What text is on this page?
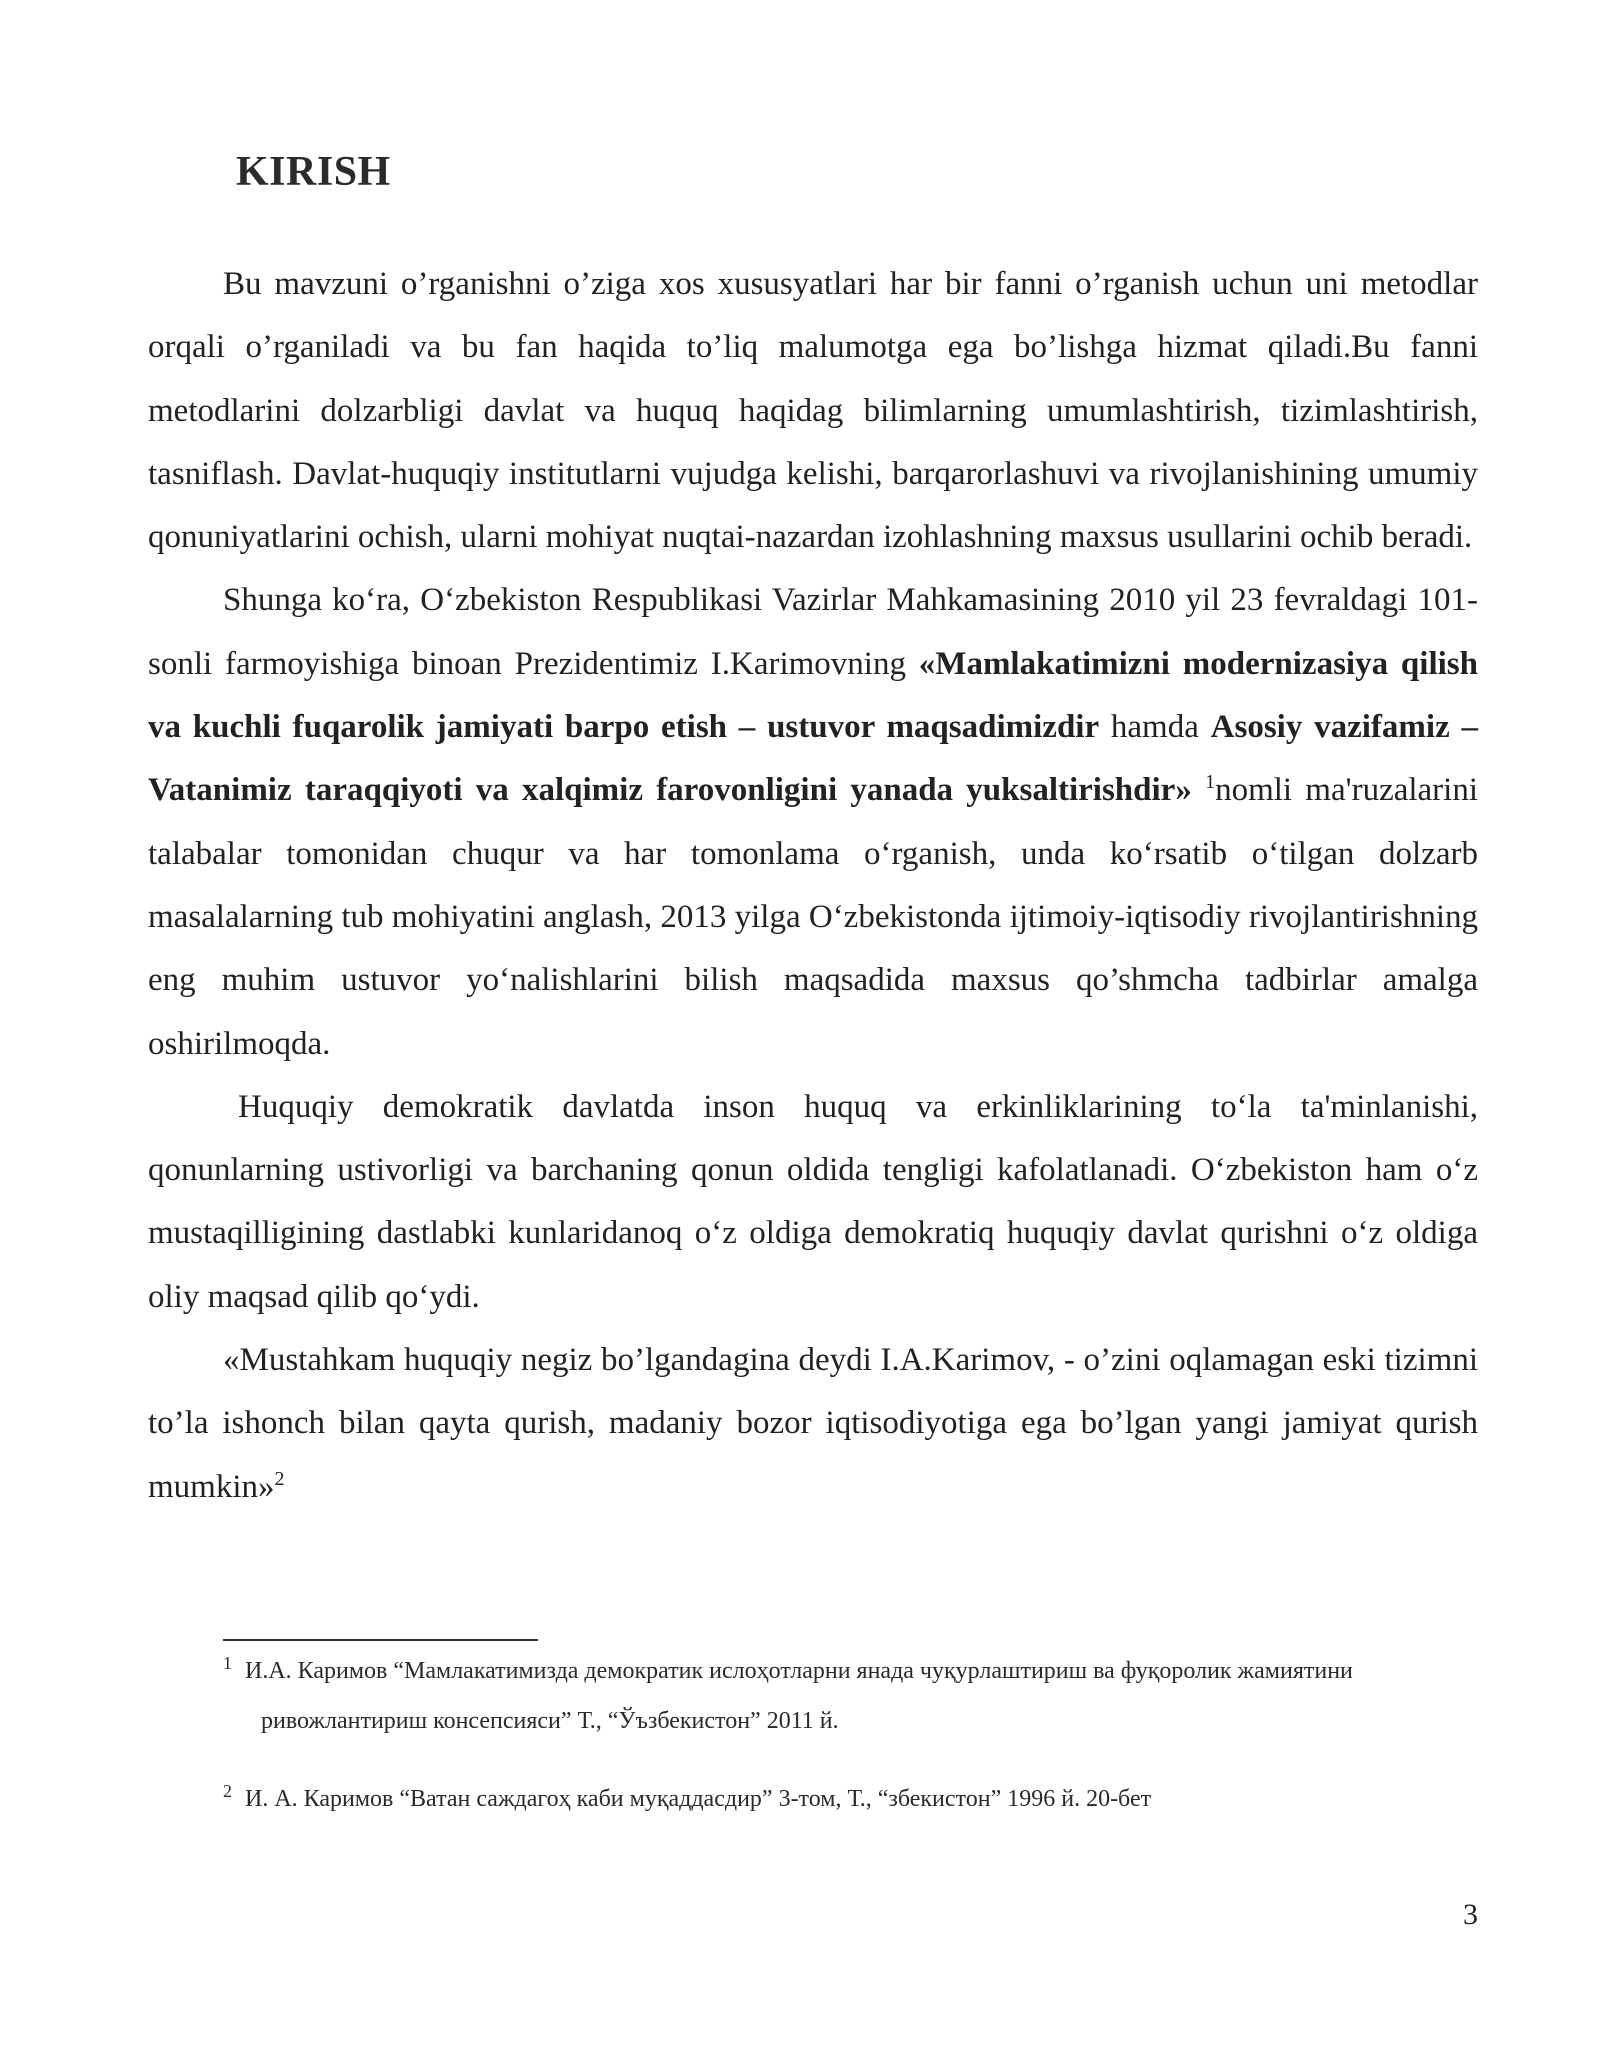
KIRISH

Bu mavzuni o’rganishni o’ziga xos xususyatlari har bir fanni o’rganish uchun uni metodlar orqali o’rganiladi va bu fan haqida to’liq malumotga ega bo’lishga hizmat qiladi.Bu fanni metodlarini dolzarbligi davlat va huquq haqidag bilimlarning umumlashtirish, tizimlashtirish, tasniflash. Davlat-huquqiy institutlarni vujudga kelishi, barqarorlashuvi va rivojlanishining umumiy qonuniyatlarini ochish, ularni mohiyat nuqtai-nazardan izohlashning maxsus usullarini ochib beradi.

Shunga ko‘ra, O‘zbekiston Respublikasi Vazirlar Mahkamasining 2010 yil 23 fevraldagi 101-sonli farmoyishiga binoan Prezidentimiz I.Karimovning «Mamlakatimizni modernizasiya qilish va kuchli fuqarolik jamiyati barpo etish – ustuvor maqsadimizdir hamda Asosiy vazifamiz – Vatanimiz taraqqiyoti va xalqimiz farovonligini yanada yuksaltirishdir» $^1$nomli ma'ruzalarini talabalar tomonidan chuqur va har tomonlama o‘rganish, unda ko‘rsatib o‘tilgan dolzarb masalalarning tub mohiyatini anglash, 2013 yilga O‘zbekistonda ijtimoiy-iqtisodiy rivojlantirishning eng muhim ustuvor yo‘nalishlarini bilish maqsadida maxsus qo’shmcha tadbirlar amalga oshirilmoqda.

Huquqiy demokratik davlatda inson huquq va erkinliklarining to‘la ta'minlanishi, qonunlarning ustivorligi va barchaning qonun oldida tengligi kafolatlanadi. O‘zbekiston ham o‘z mustaqilligining dastlabki kunlaridanoq o‘z oldiga demokratiq huquqiy davlat qurishni o‘z oldiga oliy maqsad qilib qo‘ydi.

«Mustahkam huquqiy negiz bo’lgandagina deydi I.A.Karimov, - o’zini oqlamagan eski tizimni to’la ishonch bilan qayta qurish, madaniy bozor iqtisodiyotiga ega bo’lgan yangi jamiyat qurish mumkin»$^2$

1 И.А. Каримов “Мамлакатимизда демократик ислоҳотларни янада чуқурлаштириш ва фуқоролик жамиятини ривожлантириш консепсияси” Т., “Ўъзбекистон” 2011 й.

2 И. А. Каримов “Ватан саждагоҳ каби муқаддасдир” 3-том, Т., “збекистон” 1996 й. 20-бет

3
